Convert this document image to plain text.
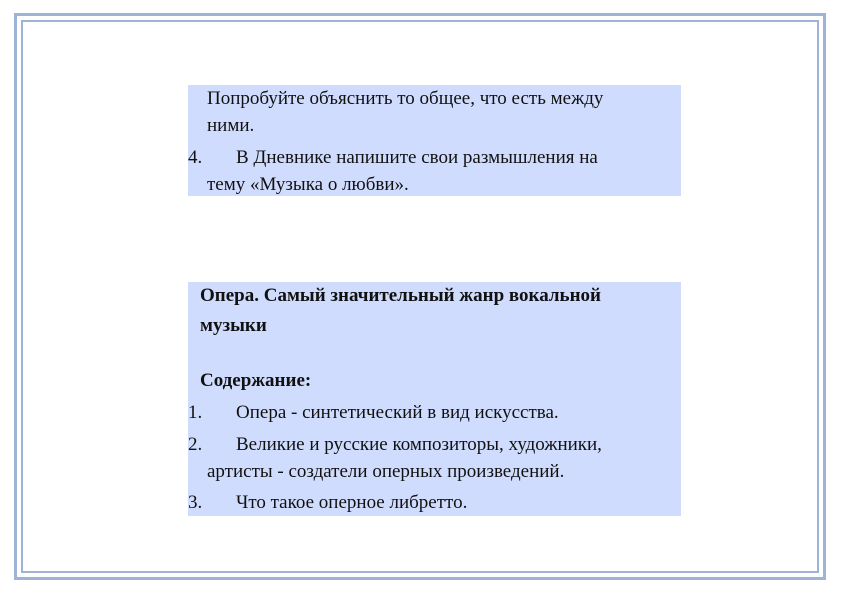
Попробуйте объяснить то общее, что есть между
ними.
4. В Дневнике напишите свои размышления на
тему «Музыка о любви».
Опера. Самый значительный жанр вокальной
музыки
Содержание:
1. Опера - синтетический в вид искусства.
2. Великие и русские композиторы, художники,
артисты - создатели оперных произведений.
3. Что такое оперное либретто.
